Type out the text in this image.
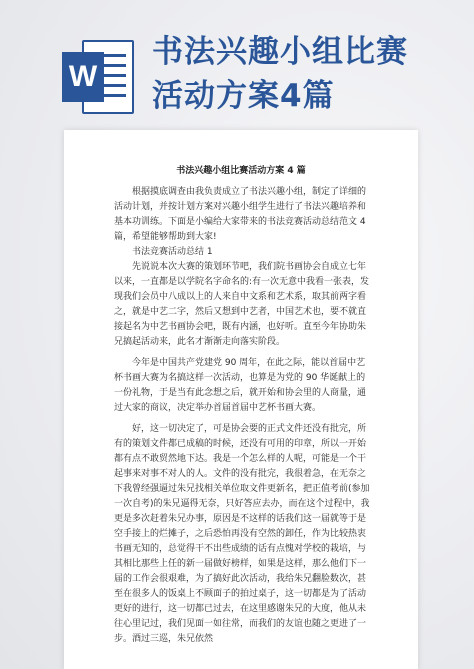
W
书法兴趣小组比赛
活动方案4篇
书法兴趣小组比赛活动方案 4 篇

根据摸底调查由我负责成立了书法兴趣小组，制定了详细的活动计划，并按计划方案对兴趣小组学生进行了书法兴趣培养和基本功训练。下面是小编给大家带来的书法竞赛活动总结范文 4 篇，希望能够帮助到大家!

书法竞赛活动总结 1

先说说本次大赛的策划环节吧，我们院书画协会自成立七年以来，一直都是以学院名字命名的:有一次无意中我看一张表，发现我们会员中八成以上的人来自中文系和艺术系，取其前两字看之，就是中艺二字，然后又想到中艺者，中国艺术也，要不就直接起名为中艺书画协会吧，既有内涵，也好听。直至今年协助朱兄搞起活动来，此名才渐渐走向落实阶段。

今年是中国共产党建党 90 周年，在此之际，能以首届中艺杯书画大赛为名搞这样一次活动，也算是为党的 90 华诞献上的一份礼物，于是当有此念想之后，就开始和协会里的人商量，通过大家的商议，决定举办首届首届中艺杯书画大赛。

好，这一切决定了，可是协会要的正式文件还没有批完，所有的策划文件都已成稿的时候，还没有可用的印章，所以一开始都有点不敢贸然地下达。我是一个怎么样的人呢，可能是一个干起事来对事不对人的人。文件的没有批完，我很着急，在无奈之下我曾经强逼过朱兄找相关单位取文件更新名，把正值考前(参加一次自考)的朱兄逼得无奈，只好答应去办，而在这个过程中，我更是多次赶着朱兄办事，原因是不这样的话我们这一届就等于是空手接上的烂摊子，之后恐怕再没有空然的卸任，作为比较热衷书画无知的，总觉得干不出些成绩的话有点愧对学校的栽培，与其相比那些上任的新一届做好榜样，如果是这样，那么他们下一届的工作会很艰难，为了搞好此次活动，我给朱兄翻脸数次，甚至在很多人的饭桌上不顾面子的拍过桌子，这一切都是为了活动更好的进行，这一切都已过去，在这里感谢朱兄的大度，他从未往心里记过，我们见面一如往常，而我们的友谊也随之更进了一步。酒过三巡，朱兄依然
